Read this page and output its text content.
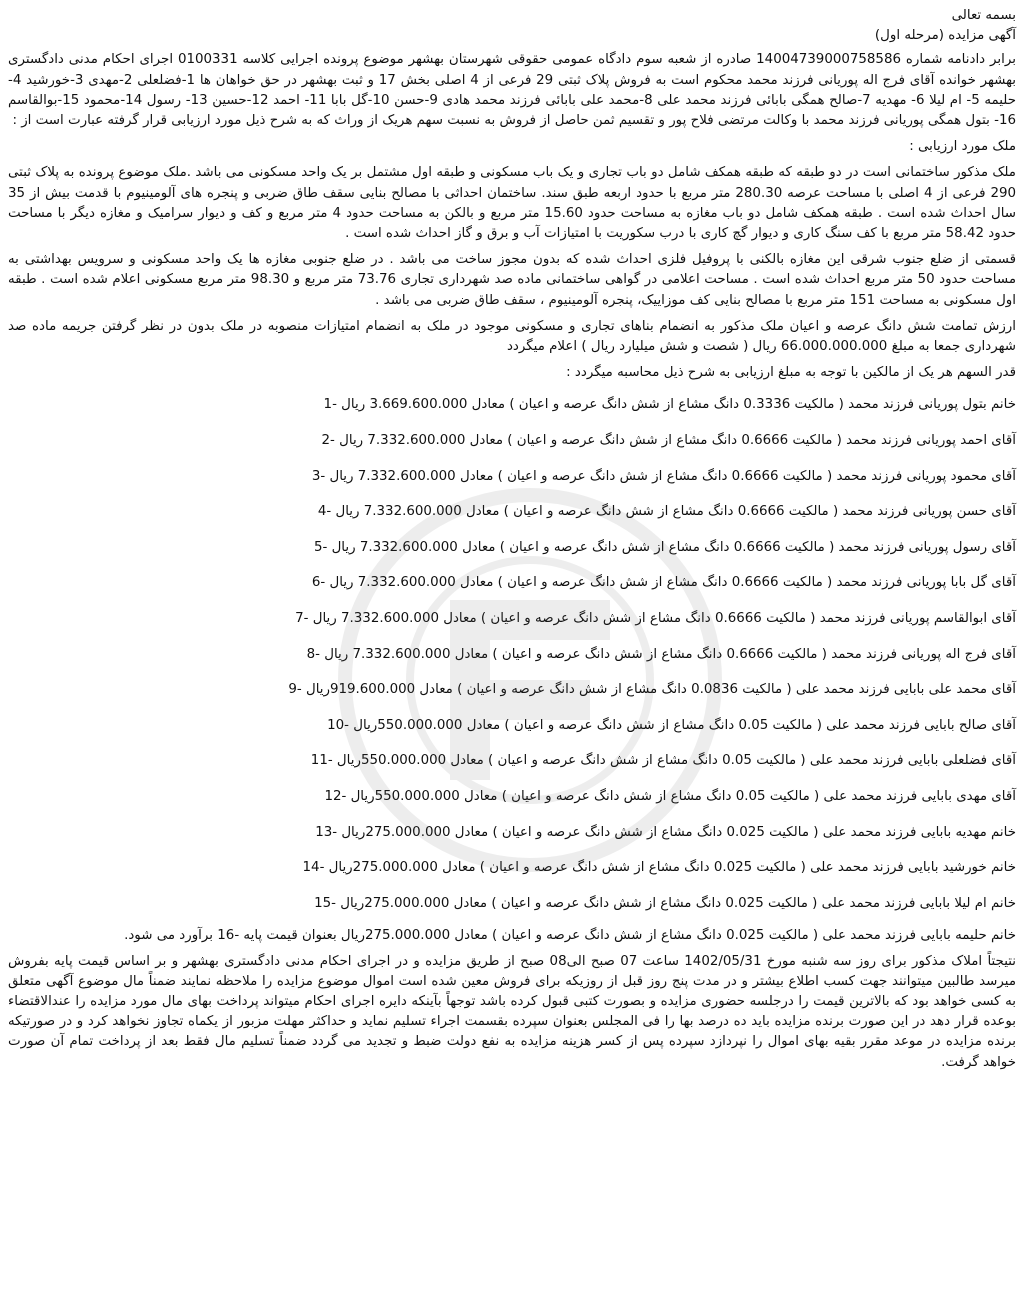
بسمه تعالی

آگهی مزایده (مرحله اول)

برابر دادنامه شماره 14004739000758586 صادره از شعبه سوم دادگاه عمومی حقوقی شهرستان بهشهر موضوع پرونده اجرایی کلاسه 0100331 اجرای احکام مدنی دادگستری بهشهر خوانده آقای فرج اله پوریانی فرزند محمد محکوم است به فروش پلاک ثبتی 29 فرعی از 4 اصلی بخش 17 و ثبت بهشهر در حق خواهان ها 1-فضلعلی 2-مهدی 3-خورشید 4-حلیمه 5- ام لیلا 6- مهدیه 7-صالح همگی بابائی فرزند محمد علی 8-محمد علی بابائی فرزند محمد هادی 9-حسن 10-گل بابا 11- احمد 12-حسین 13- رسول 14-محمود 15-بوالقاسم 16- بتول همگی پوریانی فرزند محمد با وکالت مرتضی فلاح پور و تقسیم ثمن حاصل از فروش به نسبت سهم هریک از وراث که به شرح ذیل مورد ارزیابی قرار گرفته عبارت است از :

ملک مورد ارزیابی :

ملک مذکور ساختمانی است در دو طبقه که طبقه همکف شامل دو باب تجاری و یک باب مسکونی و طبقه اول مشتمل بر یک واحد مسکونی می باشد .ملک موضوع پرونده به پلاک ثبتی 290 فرعی از 4 اصلی با مساحت عرصه 280.30 متر مربع با حدود اربعه طبق سند. ساختمان احداثی با مصالح بنایی سقف طاق ضربی و پنجره های آلومینیوم با قدمت بیش از 35 سال احداث شده است . طبقه همکف شامل دو باب مغازه به مساحت حدود 15.60 متر مربع و بالکن به مساحت حدود 4 متر مربع و کف و دیوار سرامیک و مغازه دیگر با مساحت حدود 58.42 متر مربع با کف سنگ کاری و دیوار گچ کاری با درب سکوریت با امتیازات آب و برق و گاز احداث شده است .

قسمتی از ضلع جنوب شرقی این مغازه بالکنی با پروفیل فلزی احداث شده که بدون مجوز ساخت می باشد . در ضلع جنوبی مغازه ها یک واحد مسکونی و سرویس بهداشتی به مساحت حدود 50 متر مربع احداث شده است . مساحت اعلامی در گواهی ساختمانی ماده صد شهرداری تجاری 73.76 متر مربع و 98.30 متر مربع مسکونی اعلام شده است . طبقه اول مسکونی به مساحت 151 متر مربع با مصالح بنایی کف موزاییک، پنجره آلومینیوم ، سقف طاق ضربی می باشد .

ارزش تمامت شش دانگ عرصه و اعیان ملک مذکور به انضمام بناهای تجاری و مسکونی موجود در ملک به انضمام امتیازات منصوبه در ملک بدون در نظر گرفتن جریمه ماده صد شهرداری جمعا به مبلغ 66.000.000.000 ریال ( شصت و شش میلیارد ریال ) اعلام میگردد

قدر السهم هر یک از مالکین با توجه به مبلغ ارزیابی به شرح ذیل محاسبه میگردد :

خانم بتول پوریانی فرزند محمد ( مالکیت 0.3336 دانگ مشاع از شش دانگ عرصه و اعیان ) معادل 3.669.600.000 ریال -1

آقای احمد پوریانی فرزند محمد ( مالکیت 0.6666 دانگ مشاع از شش دانگ عرصه و اعیان ) معادل 7.332.600.000 ریال -2

آقای محمود پوریانی فرزند محمد ( مالکیت 0.6666 دانگ مشاع از شش دانگ عرصه و اعیان ) معادل 7.332.600.000 ریال -3

آقای حسن پوریانی فرزند محمد ( مالکیت 0.6666 دانگ مشاع از شش دانگ عرصه و اعیان ) معادل 7.332.600.000 ریال -4

آقای رسول پوریانی فرزند محمد ( مالکیت 0.6666 دانگ مشاع از شش دانگ عرصه و اعیان ) معادل 7.332.600.000 ریال -5

آقای گل بابا پوریانی فرزند محمد ( مالکیت 0.6666 دانگ مشاع از شش دانگ عرصه و اعیان ) معادل 7.332.600.000 ریال -6

آقای ابوالقاسم پوریانی فرزند محمد ( مالکیت 0.6666 دانگ مشاع از شش دانگ عرصه و اعیان ) معادل 7.332.600.000 ریال -7

آقای فرج اله پوریانی فرزند محمد ( مالکیت 0.6666 دانگ مشاع از شش دانگ عرصه و اعیان ) معادل 7.332.600.000 ریال -8

آقای محمد علی بابایی فرزند محمد علی ( مالکیت 0.0836 دانگ مشاع از شش دانگ عرصه و اعیان ) معادل 919.600.000ریال -9

آقای صالح بابایی فرزند محمد علی ( مالکیت 0.05 دانگ مشاع از شش دانگ عرصه و اعیان ) معادل 550.000.000ریال -10

آقای فضلعلی بابایی فرزند محمد علی ( مالکیت 0.05 دانگ مشاع از شش دانگ عرصه و اعیان ) معادل 550.000.000ریال -11

آقای مهدی بابایی فرزند محمد علی ( مالکیت 0.05 دانگ مشاع از شش دانگ عرصه و اعیان ) معادل 550.000.000ریال -12

خانم مهدیه بابایی فرزند محمد علی ( مالکیت 0.025 دانگ مشاع از شش دانگ عرصه و اعیان ) معادل 275.000.000ریال -13

خانم خورشید بابایی فرزند محمد علی ( مالکیت 0.025 دانگ مشاع از شش دانگ عرصه و اعیان ) معادل 275.000.000ریال -14

خانم ام لیلا بابایی فرزند محمد علی ( مالکیت 0.025 دانگ مشاع از شش دانگ عرصه و اعیان ) معادل 275.000.000ریال -15

خانم حلیمه بابایی فرزند محمد علی ( مالکیت 0.025 دانگ مشاع از شش دانگ عرصه و اعیان ) معادل 275.000.000ریال بعنوان قیمت پایه -16 برآورد می شود.

نتیجتاً املاک مذکور برای روز سه شنبه مورخ 1402/05/31 ساعت 07 صبح الی08 صبح از طریق مزایده و در اجرای احکام مدنی دادگستری بهشهر و بر اساس قیمت پایه بفروش میرسد طالبین میتوانند جهت کسب اطلاع بیشتر و در مدت پنج روز قبل از روزیکه برای فروش معین شده است اموال موضوع مزایده را ملاحظه نمایند ضمناً مال موضوع آگهی متعلق به کسی خواهد بود که بالاترین قیمت را درجلسه حضوری مزایده و بصورت کتبی قبول کرده باشد توجهاً بآینکه دایره اجرای احکام میتواند پرداخت بهای مال مورد مزایده را عندالاقتضاء بوعده قرار دهد در این صورت برنده مزایده باید ده درصد بها را فی المجلس بعنوان سپرده بقسمت اجراء تسلیم نماید و حداکثر مهلت مزبور از یکماه تجاوز نخواهد کرد و در صورتیکه برنده مزایده در موعد مقرر بقیه بهای اموال را نپردازد سپرده پس از کسر هزینه مزایده به نفع دولت ضبط و تجدید می گردد ضمناً تسلیم مال فقط بعد از پرداخت تمام آن صورت خواهد گرفت.
